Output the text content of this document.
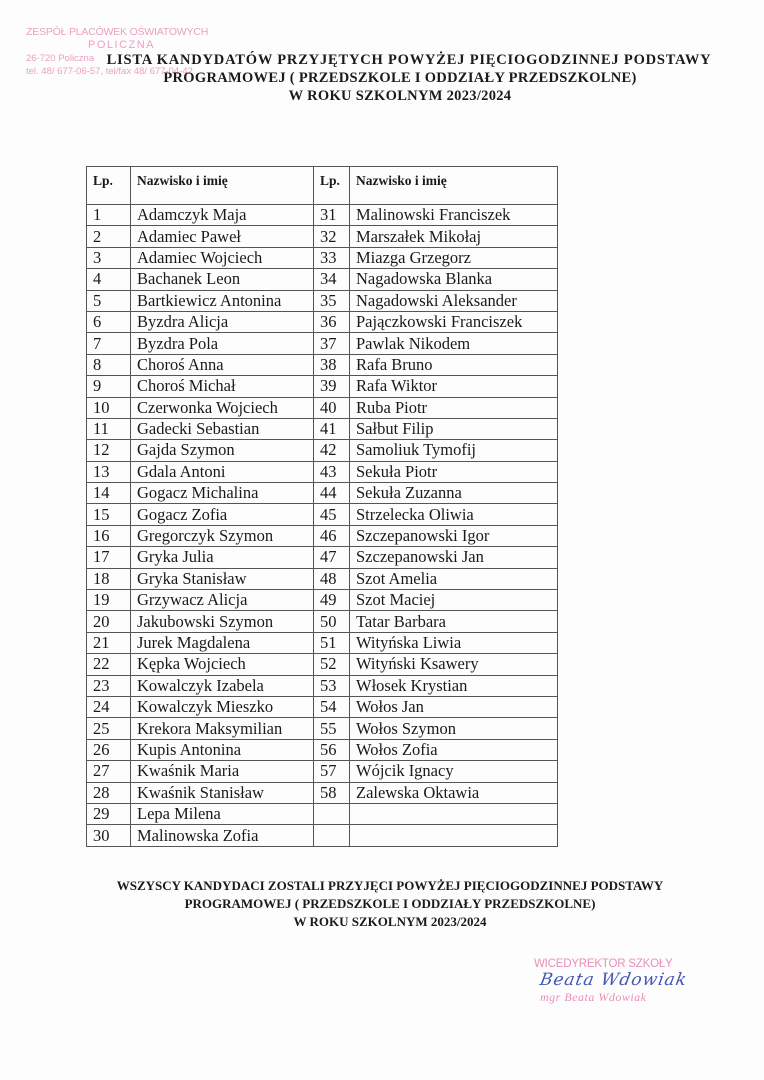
ZESPÓŁ PLACÓWEK OŚWIATOWYCH
POLICZNA
26-720 Policzna
tel. 48/ 677-06-57, tel/fax 48/ 677-04-42
LISTA KANDYDATÓW PRZYJĘTYCH POWYŻEJ PIĘCIOGODZINNEJ PODSTAWY
PROGRAMOWEJ ( PRZEDSZKOLE I ODDZIAŁY PRZEDSZKOLNE)
W ROKU SZKOLNYM 2023/2024
Lp.	Nazwisko i imię	Lp.	Nazwisko i imię
1	Adamczyk Maja	31	Malinowski Franciszek
2	Adamiec Paweł	32	Marszałek Mikołaj
3	Adamiec Wojciech	33	Miazga Grzegorz
4	Bachanek Leon	34	Nagadowska Blanka
5	Bartkiewicz Antonina	35	Nagadowski Aleksander
6	Byzdra Alicja	36	Pajączkowski Franciszek
7	Byzdra Pola	37	Pawlak Nikodem
8	Choroś Anna	38	Rafa Bruno
9	Choroś Michał	39	Rafa Wiktor
10	Czerwonka Wojciech	40	Ruba Piotr
11	Gadecki Sebastian	41	Sałbut Filip
12	Gajda Szymon	42	Samoliuk Tymofij
13	Gdala Antoni	43	Sekuła Piotr
14	Gogacz Michalina	44	Sekuła Zuzanna
15	Gogacz Zofia	45	Strzelecka Oliwia
16	Gregorczyk Szymon	46	Szczepanowski Igor
17	Gryka Julia	47	Szczepanowski Jan
18	Gryka Stanisław	48	Szot Amelia
19	Grzywacz Alicja	49	Szot Maciej
20	Jakubowski Szymon	50	Tatar Barbara
21	Jurek Magdalena	51	Wityńska Liwia
22	Kępka Wojciech	52	Wityński Ksawery
23	Kowalczyk Izabela	53	Włosek Krystian
24	Kowalczyk Mieszko	54	Wołos Jan
25	Krekora Maksymilian	55	Wołos Szymon
26	Kupis Antonina	56	Wołos Zofia
27	Kwaśnik Maria	57	Wójcik Ignacy
28	Kwaśnik Stanisław	58	Zalewska Oktawia
29	Lepa Milena		
30	Malinowska Zofia		
WSZYSCY KANDYDACI ZOSTALI PRZYJĘCI POWYŻEJ PIĘCIOGODZINNEJ PODSTAWY
PROGRAMOWEJ ( PRZEDSZKOLE I ODDZIAŁY PRZEDSZKOLNE)
W ROKU SZKOLNYM 2023/2024
WICEDYREKTOR SZKOŁY
Beata Wdowiak
mgr Beata Wdowiak
